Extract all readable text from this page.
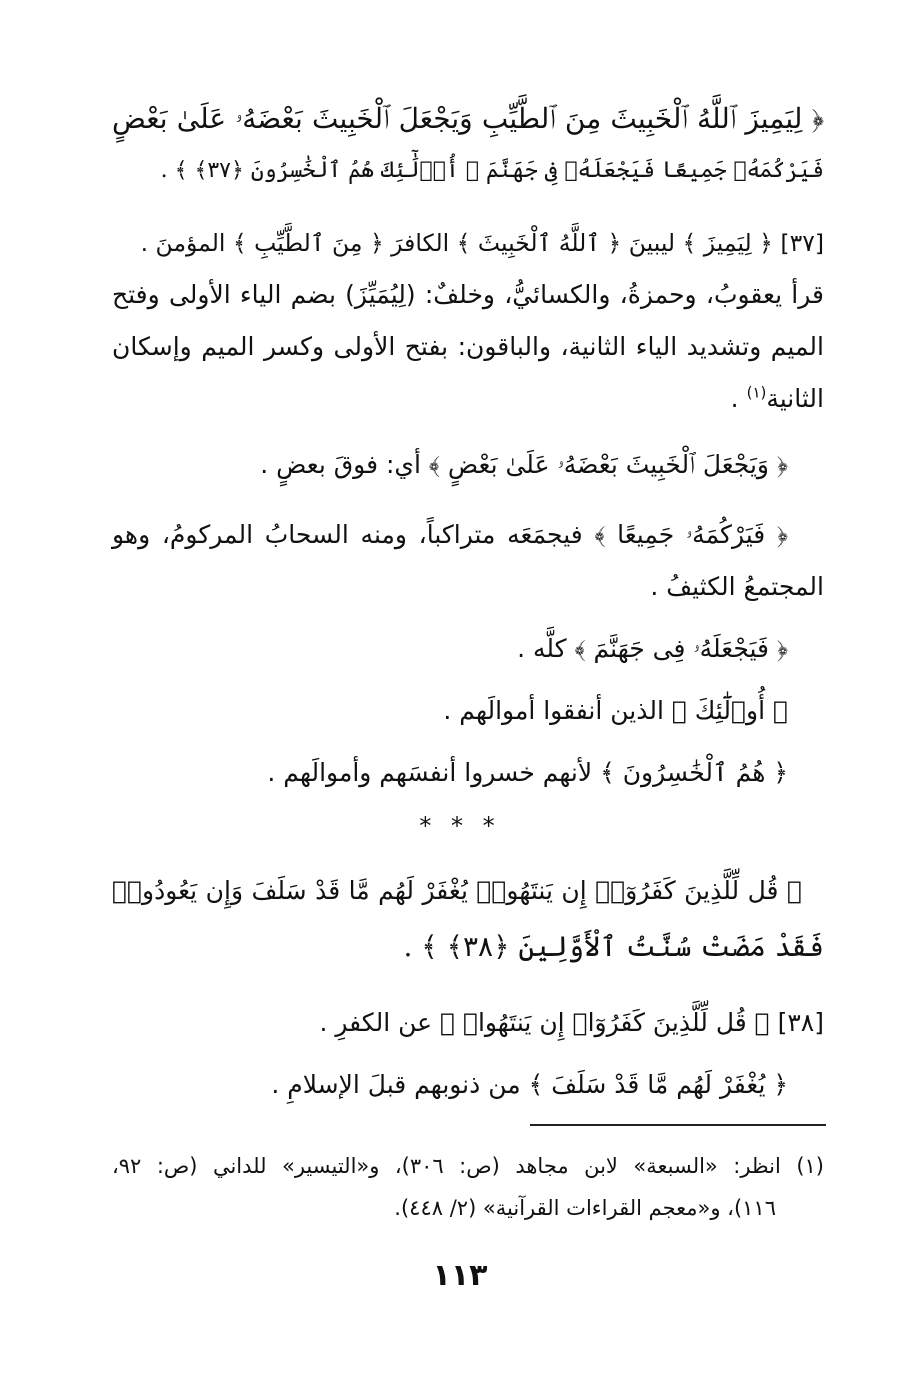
﴿ لِيَمِيزَ ٱللَّهُ ٱلْخَبِيثَ مِنَ ٱلطَّيِّبِ وَيَجْعَلَ ٱلْخَبِيثَ بَعْضَهُۥ عَلَىٰ بَعْضٍ

فَيَرْكُمَهُۥ جَمِيعًا فَيَجْعَلَهُۥ فِى جَهَنَّمَ ۚ أُو۟لَٰٓئِكَ هُمُ ٱلْخَٰسِرُونَ ﴿٣٧﴾ ﴾ .

[٣٧] ﴿ لِيَمِيزَ ﴾ ليبينَ ﴿ ٱللَّهُ ٱلْخَبِيثَ ﴾ الكافرَ ﴿ مِنَ ٱلطَّيِّبِ ﴾ المؤمنَ .

قرأ يعقوبُ، وحمزةُ، والكسائيُّ، وخلفٌ: (لِيُمَيِّزَ) بضم الياء الأولى وفتح

الميم وتشديد الياء الثانية، والباقون: بفتح الأولى وكسر الميم وإسكان

الثانية$^{(١)}$ .

﴿ وَيَجْعَلَ ٱلْخَبِيثَ بَعْضَهُۥ عَلَىٰ بَعْضٍ ﴾ أي: فوقَ بعضٍ .

﴿ فَيَرْكُمَهُۥ جَمِيعًا ﴾ فيجمَعَه متراكباً، ومنه السحابُ المركومُ، وهو

المجتمعُ الكثيفُ .

﴿ فَيَجْعَلَهُۥ فِى جَهَنَّمَ ﴾ كلَّه .

﴿ أُو۟لَٰٓئِكَ ﴾ الذين أنفقوا أموالَهم .

﴿ هُمُ ٱلْخَٰسِرُونَ ﴾ لأنهم خسروا أنفسَهم وأموالَهم .

* * *

﴿ قُل لِّلَّذِينَ كَفَرُوٓا۟ إِن يَنتَهُوا۟ يُغْفَرْ لَهُم مَّا قَدْ سَلَفَ وَإِن يَعُودُوا۟

فَقَدْ مَضَتْ سُنَّتُ ٱلْأَوَّلِينَ ﴿٣٨﴾ ﴾ .

[٣٨] ﴿ قُل لِّلَّذِينَ كَفَرُوٓا۟ إِن يَنتَهُوا۟ ﴾ عن الكفرِ .

﴿ يُغْفَرْ لَهُم مَّا قَدْ سَلَفَ ﴾ من ذنوبهم قبلَ الإسلامِ .

(١) انظر: «السبعة» لابن مجاهد (ص: ٣٠٦)، و«التيسير» للداني (ص: ٩٢،

١١٦)، و«معجم القراءات القرآنية» (٢/ ٤٤٨).

١١٣
